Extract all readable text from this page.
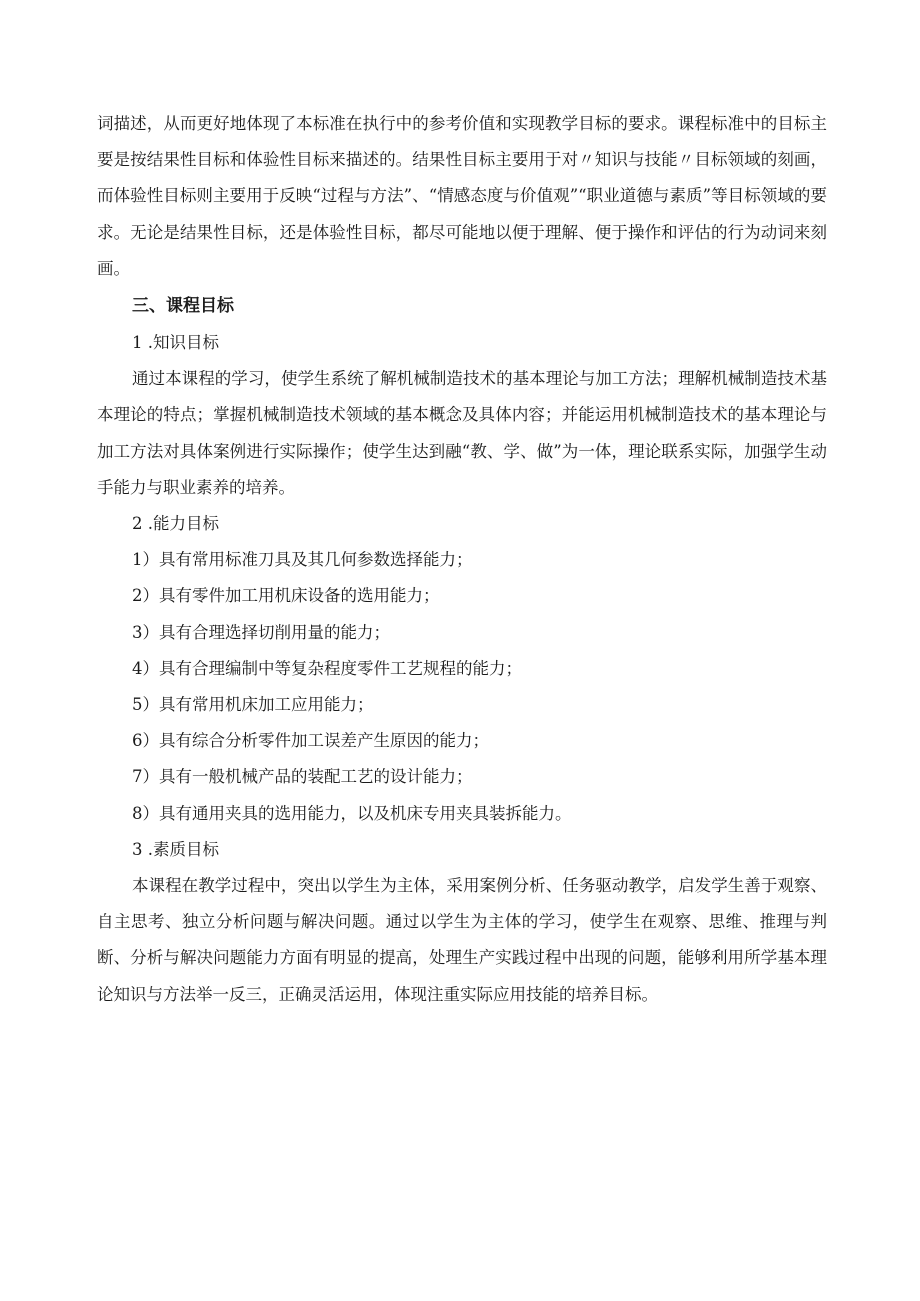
词描述，从而更好地体现了本标准在执行中的参考价值和实现教学目标的要求。课程标准中的目标主要是按结果性目标和体验性目标来描述的。结果性目标主要用于对〃知识与技能〃目标领域的刻画，而体验性目标则主要用于反映“过程与方法”、“情感态度与价值观”“职业道德与素质”等目标领域的要求。无论是结果性目标，还是体验性目标，都尽可能地以便于理解、便于操作和评估的行为动词来刻画。

三、课程目标

1 .知识目标

通过本课程的学习，使学生系统了解机械制造技术的基本理论与加工方法；理解机械制造技术基本理论的特点；掌握机械制造技术领域的基本概念及具体内容；并能运用机械制造技术的基本理论与加工方法对具体案例进行实际操作；使学生达到融“教、学、做”为一体，理论联系实际，加强学生动手能力与职业素养的培养。

2 .能力目标

1）具有常用标准刀具及其几何参数选择能力；

2）具有零件加工用机床设备的选用能力；

3）具有合理选择切削用量的能力；

4）具有合理编制中等复杂程度零件工艺规程的能力；

5）具有常用机床加工应用能力；

6）具有综合分析零件加工误差产生原因的能力；

7）具有一般机械产品的装配工艺的设计能力；

8）具有通用夹具的选用能力，以及机床专用夹具装拆能力。

3 .素质目标

本课程在教学过程中，突出以学生为主体，采用案例分析、任务驱动教学，启发学生善于观察、自主思考、独立分析问题与解决问题。通过以学生为主体的学习，使学生在观察、思维、推理与判断、分析与解决问题能力方面有明显的提高，处理生产实践过程中出现的问题，能够利用所学基本理论知识与方法举一反三，正确灵活运用，体现注重实际应用技能的培养目标。
